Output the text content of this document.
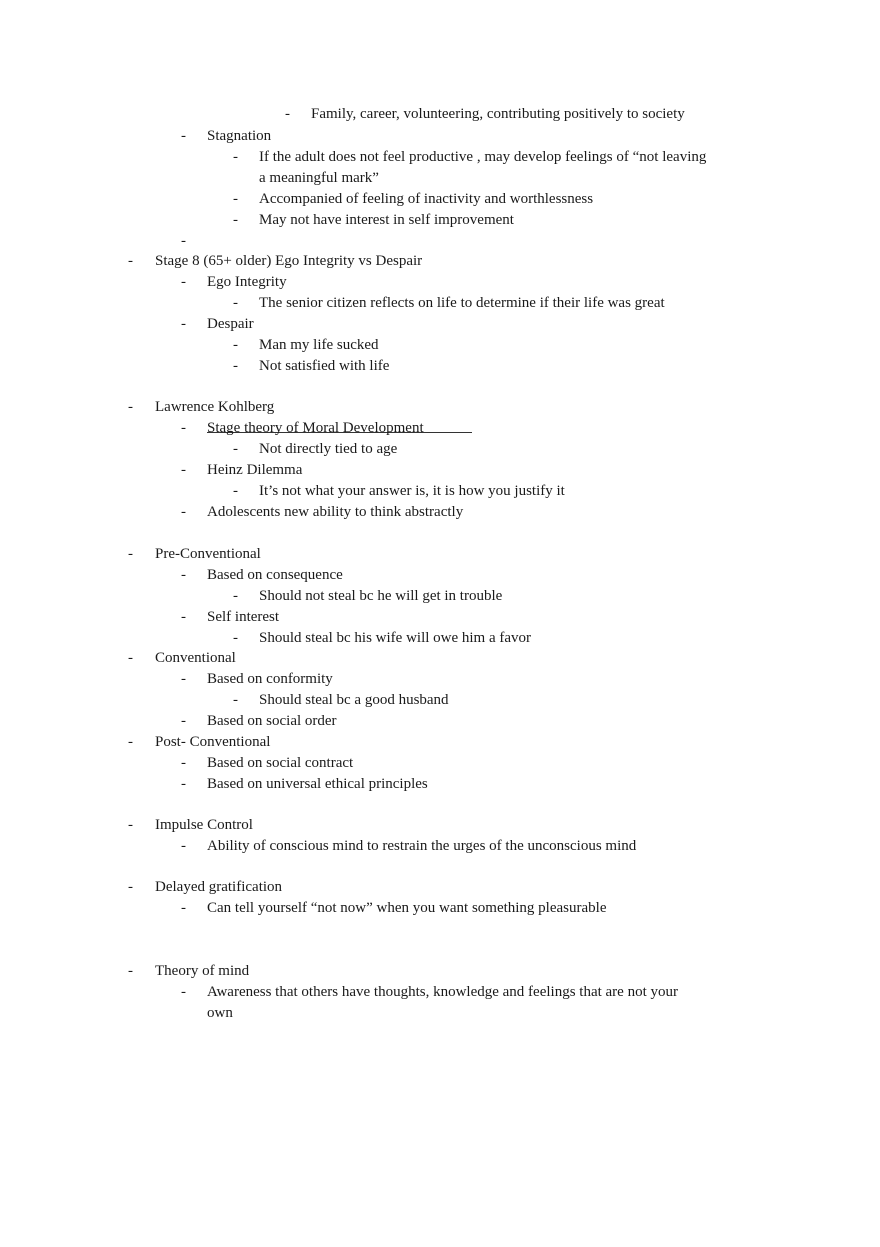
- Family, career, volunteering, contributing positively to society
- Stagnation
- If the adult does not feel productive , may develop feelings of “not leaving
a meaningful mark”
- Accompanied of feeling of inactivity and worthlessness
- May not have interest in self improvement
-
- Stage 8 (65+ older) Ego Integrity vs Despair
- Ego Integrity
- The senior citizen reflects on life to determine if their life was great
- Despair
- Man my life sucked
- Not satisfied with life
- Lawrence Kohlberg
- Stage theory of Moral Development
- Not directly tied to age
- Heinz Dilemma
- It’s not what your answer is, it is how you justify it
- Adolescents new ability to think abstractly
- Pre-Conventional
- Based on consequence
- Should not steal bc he will get in trouble
- Self interest
- Should steal bc his wife will owe him a favor
- Conventional
- Based on conformity
- Should steal bc a good husband
- Based on social order
- Post- Conventional
- Based on social contract
- Based on universal ethical principles
- Impulse Control
- Ability of conscious mind to restrain the urges of the unconscious mind
- Delayed gratification
- Can tell yourself “not now” when you want something pleasurable
- Theory of mind
- Awareness that others have thoughts, knowledge and feelings that are not your
own
